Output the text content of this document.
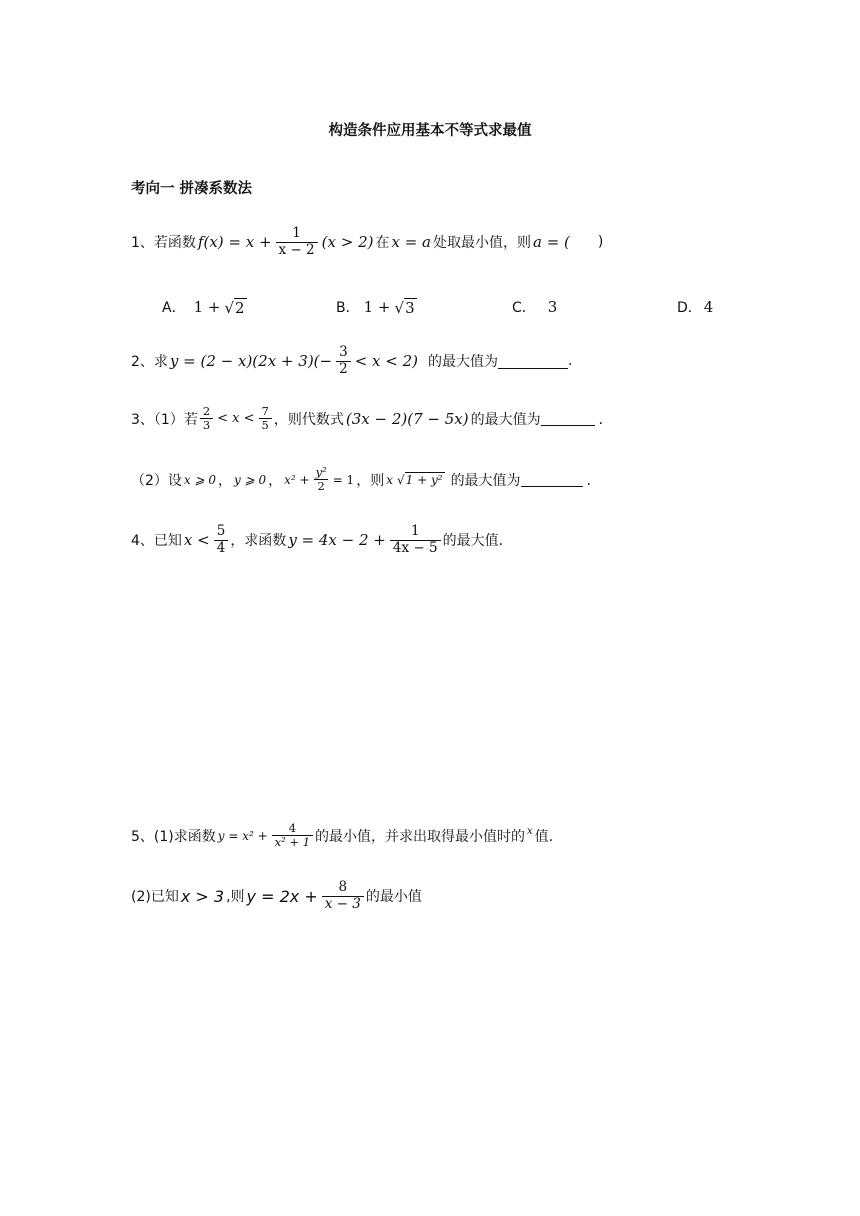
构造条件应用基本不等式求最值
考向一 拼凑系数法
1、若函数 $f(x) = x + \frac{1}{x - 2} (x > 2)$ 在 x = a 处取最小值，则 a = ( )
A． 1 + √ 2	B． 1 + √ 3	C． 3	D． 4
2、求 $y = (2 - x)(2x + 3)(- \frac{3}{2} < x < 2)$ 的最大值为	.
3、（1）若 $\frac{2}{3} < x < \frac{7}{5}$ ，则代数式 (3x − 2)(7 − 5x) 的最大值为	．
（2）设 x ⩾ 0 ， y ⩾ 0 ， $x^2 + \frac{\text{y²}}{2} = 1$ ，则 x √ 1 + y² 的最大值为	．
4、已知 $x < \frac{5}{4}$ ，求函数 $y = 4x - 2 + \frac{1}{4x - 5}$ 的最大值．
5、(1)求函数 $y = x^2 + \frac{4}{\text{x² + 1}}$ 的最小值，并求出取得最小值时的 x 值．
(2)已知 x > 3 ,则 $y = 2x + \frac{8}{x - 3}$ 的最小值
